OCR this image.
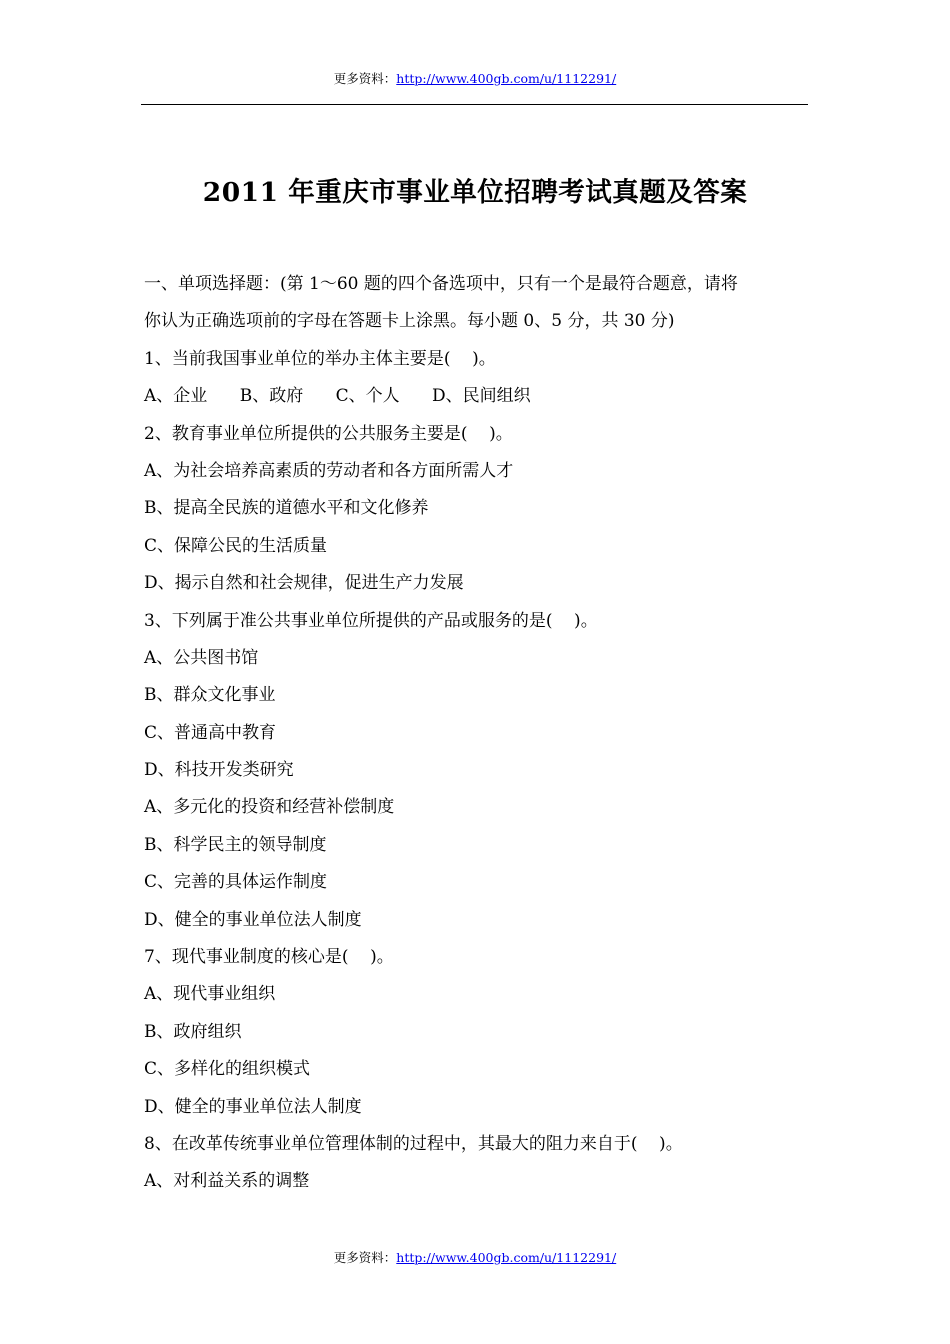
更多资料：http://www.400gb.com/u/1112291/
2011 年重庆市事业单位招聘考试真题及答案
一、单项选择题：(第 1～60 题的四个备选项中，只有一个是最符合题意，请将
你认为正确选项前的字母在答题卡上涂黑。每小题 0、5 分，共 30 分)
1、当前我国事业单位的举办主体主要是(    )。
A、企业      B、政府      C、个人      D、民间组织
2、教育事业单位所提供的公共服务主要是(    )。
A、为社会培养高素质的劳动者和各方面所需人才
B、提高全民族的道德水平和文化修养
C、保障公民的生活质量
D、揭示自然和社会规律，促进生产力发展
3、下列属于准公共事业单位所提供的产品或服务的是(    )。
A、公共图书馆
B、群众文化事业
C、普通高中教育
D、科技开发类研究
A、多元化的投资和经营补偿制度
B、科学民主的领导制度
C、完善的具体运作制度
D、健全的事业单位法人制度
7、现代事业制度的核心是(    )。
A、现代事业组织
B、政府组织
C、多样化的组织模式
D、健全的事业单位法人制度
8、在改革传统事业单位管理体制的过程中，其最大的阻力来自于(    )。
A、对利益关系的调整
更多资料：http://www.400gb.com/u/1112291/
